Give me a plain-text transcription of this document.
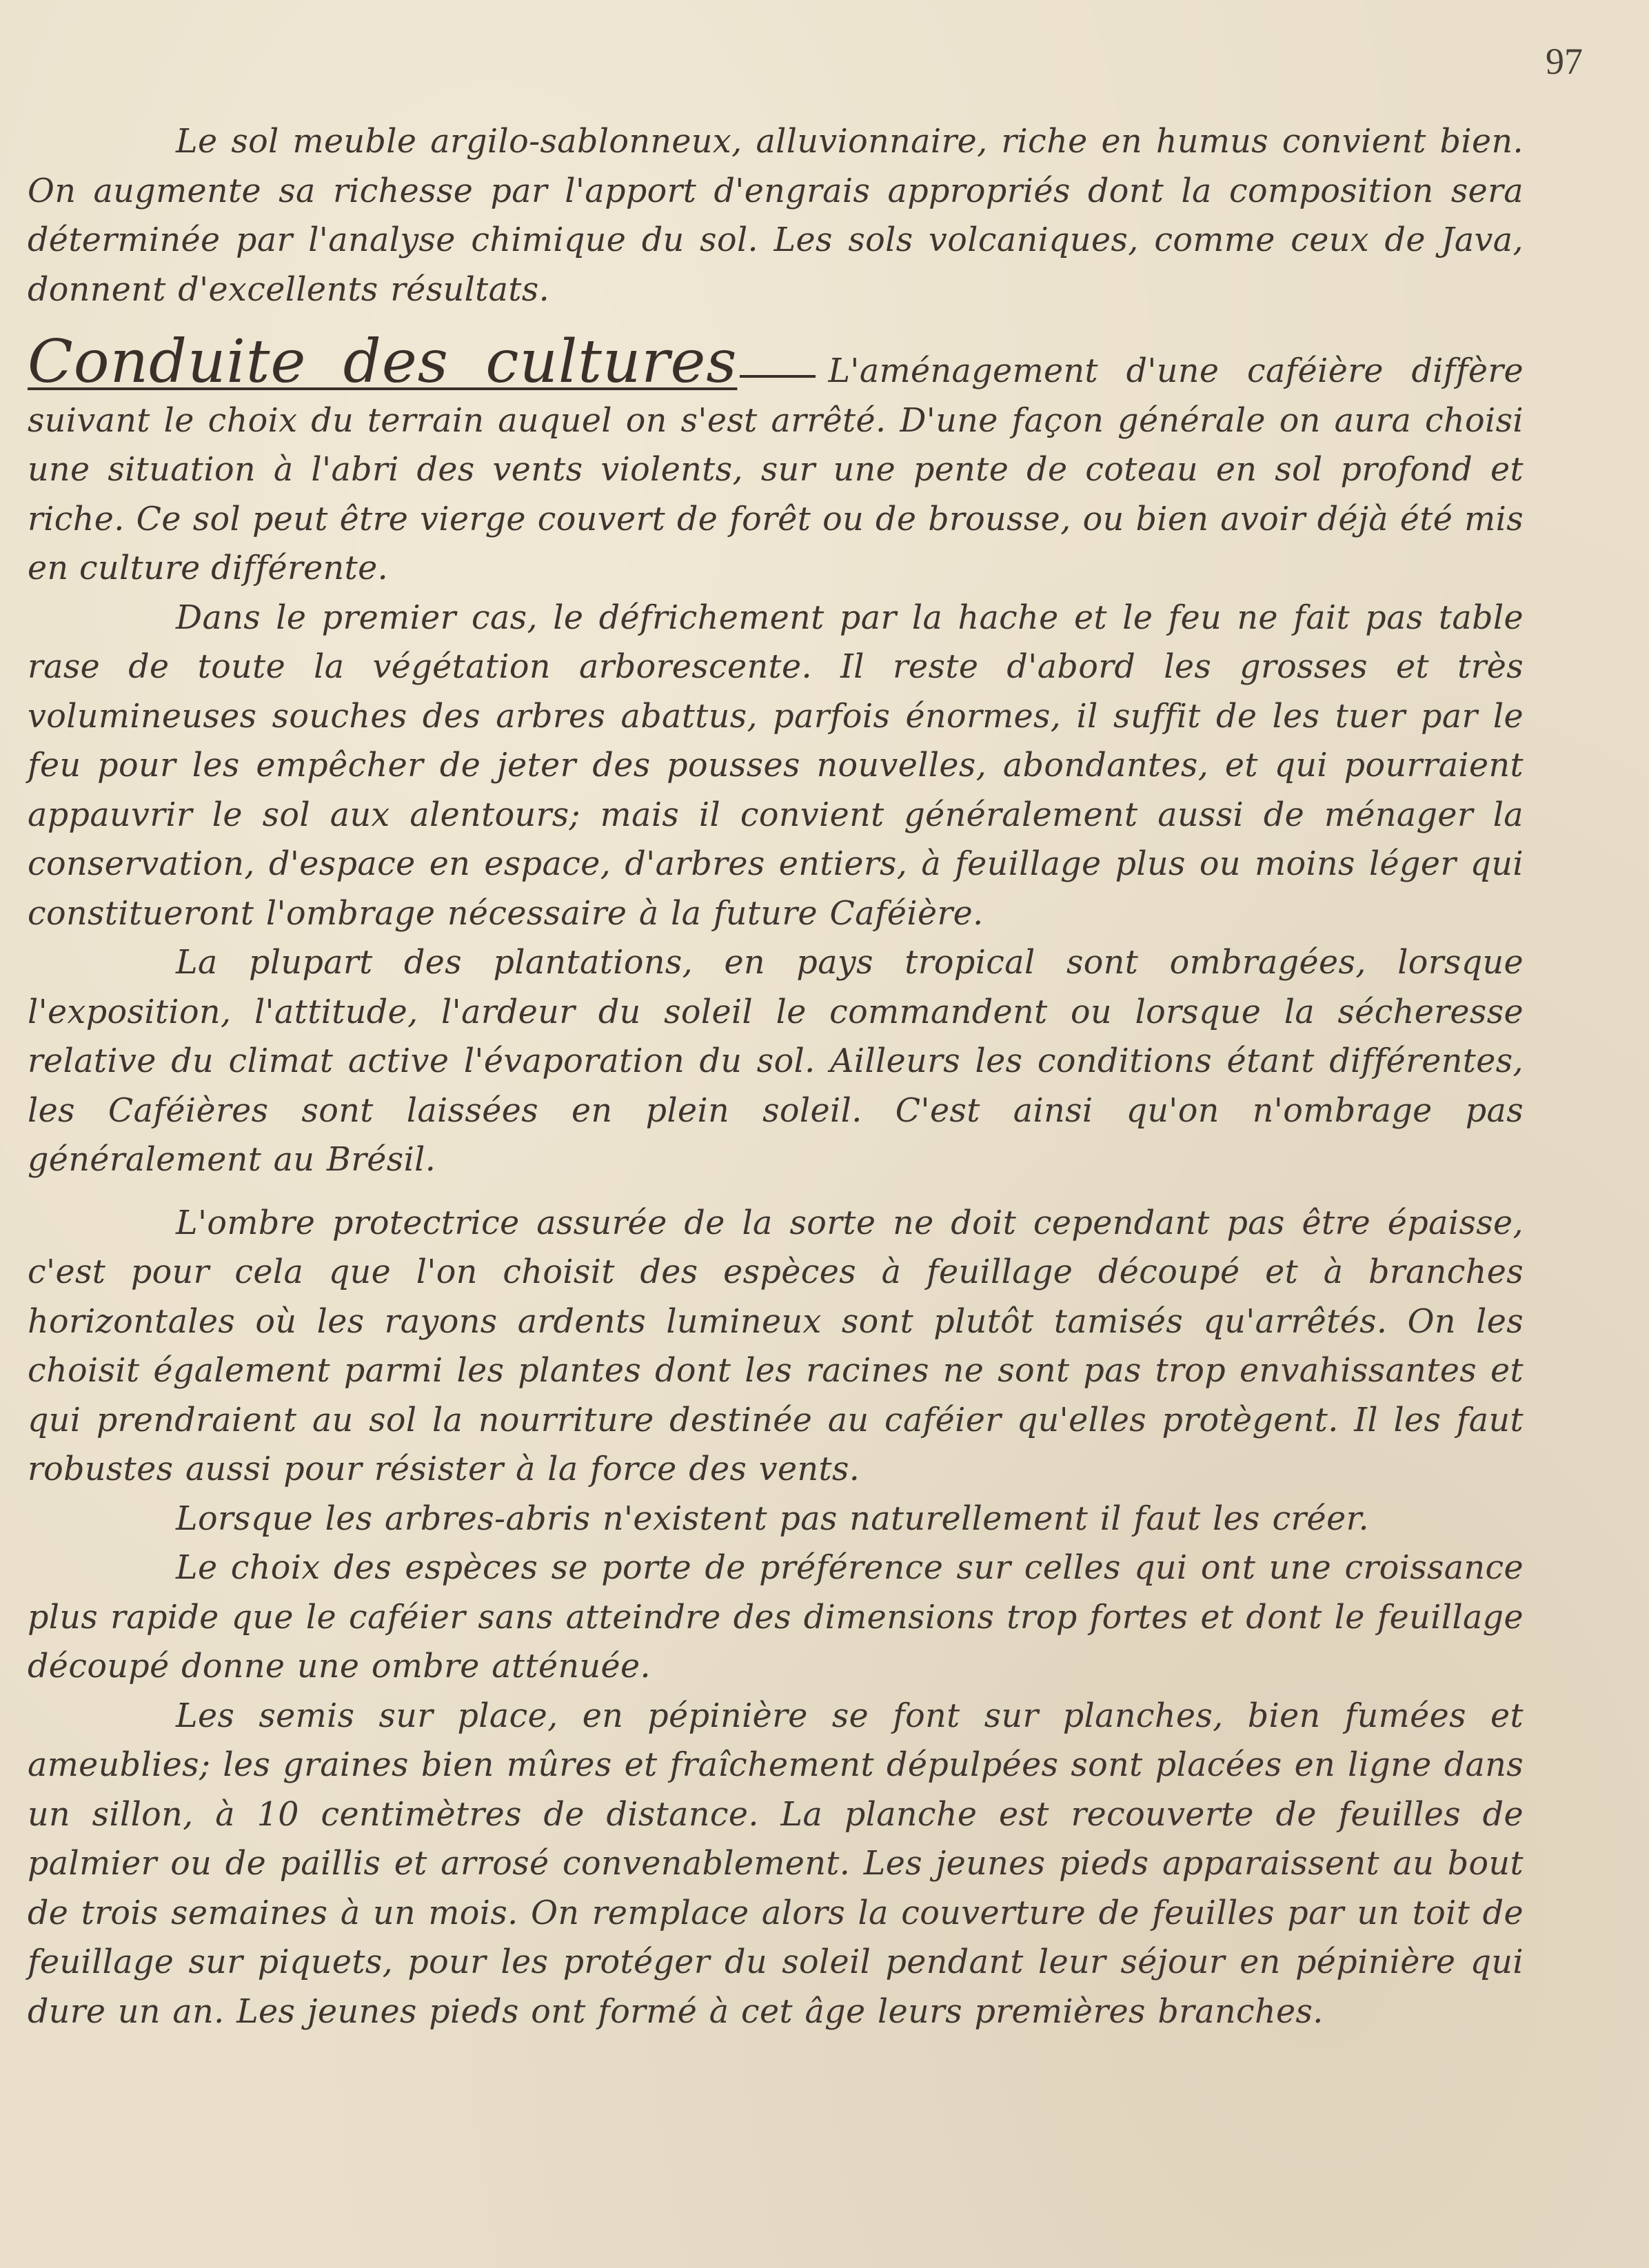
97

Le sol meuble argilo-sablonneux, alluvionnaire, riche en humus convient bien. On augmente sa richesse par l'apport d'engrais appropriés dont la composition sera déterminée par l'analyse chimique du sol. Les sols volcaniques, comme ceux de Java, donnent d'excellents résultats.

Conduite des cultures	L'aménagement d'une caféière diffère suivant le choix du terrain auquel on s'est arrêté. D'une façon générale on aura choisi une situation à l'abri des vents violents, sur une pente de coteau en sol profond et riche. Ce sol peut être vierge couvert de forêt ou de brousse, ou bien avoir déjà été mis en culture différente.

Dans le premier cas, le défrichement par la hache et le feu ne fait pas table rase de toute la végétation arborescente. Il reste d'abord les grosses et très volumineuses souches des arbres abattus, parfois énormes, il suffit de les tuer par le feu pour les empêcher de jeter des pousses nouvelles, abondantes, et qui pourraient appauvrir le sol aux alentours; mais il convient généralement aussi de ménager la conservation, d'espace en espace, d'arbres entiers, à feuillage plus ou moins léger qui constitueront l'ombrage nécessaire à la future Caféière.

La plupart des plantations, en pays tropical sont ombragées, lorsque l'exposition, l'attitude, l'ardeur du soleil le commandent ou lorsque la sécheresse relative du climat active l'évaporation du sol. Ailleurs les conditions étant différentes, les Caféières sont laissées en plein soleil. C'est ainsi qu'on n'ombrage pas généralement au Brésil.

L'ombre protectrice assurée de la sorte ne doit cependant pas être épaisse, c'est pour cela que l'on choisit des espèces à feuillage découpé et à branches horizontales où les rayons ardents lumineux sont plutôt tamisés qu'arrêtés. On les choisit également parmi les plantes dont les racines ne sont pas trop envahissantes et qui prendraient au sol la nourriture destinée au caféier qu'elles protègent. Il les faut robustes aussi pour résister à la force des vents.

Lorsque les arbres-abris n'existent pas naturellement il faut les créer.

Le choix des espèces se porte de préférence sur celles qui ont une croissance plus rapide que le caféier sans atteindre des dimensions trop fortes et dont le feuillage découpé donne une ombre atténuée.

Les semis sur place, en pépinière se font sur planches, bien fumées et ameublies; les graines bien mûres et fraîchement dépulpées sont placées en ligne dans un sillon, à 10 centimètres de distance. La planche est recouverte de feuilles de palmier ou de paillis et arrosé convenablement. Les jeunes pieds apparaissent au bout de trois semaines à un mois. On remplace alors la couverture de feuilles par un toit de feuillage sur piquets, pour les protéger du soleil pendant leur séjour en pépinière qui dure un an. Les jeunes pieds ont formé à cet âge leurs premières branches.
